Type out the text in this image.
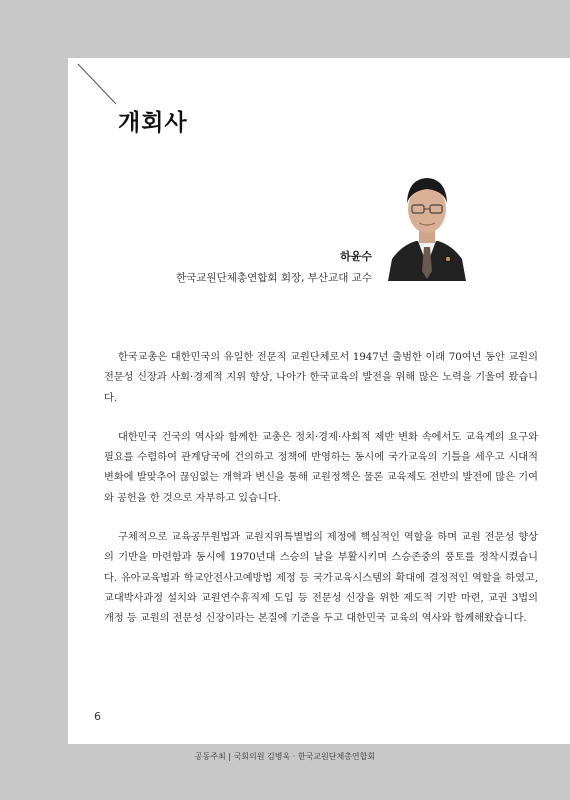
개회사
하윤수
한국교원단체총연합회 회장, 부산교대 교수

한국교총은 대한민국의 유일한 전문직 교원단체로서 1947년 출범한 이래 70여년 동안 교원의 전문성 신장과 사회·경제적 지위 향상, 나아가 한국교육의 발전을 위해 많은 노력을 기울여 왔습니다.

대한민국 건국의 역사와 함께한 교총은 정치·경제·사회적 제반 변화 속에서도 교육계의 요구와 필요를 수렴하여 관계당국에 건의하고 정책에 반영하는 동시에 국가교육의 기틀을 세우고 시대적 변화에 발맞추어 끊임없는 개혁과 변신을 통해 교원정책은 물론 교육제도 전반의 발전에 많은 기여와 공헌을 한 것으로 자부하고 있습니다.

구체적으로 교육공무원법과 교원지위특별법의 제정에 핵심적인 역할을 하며 교원 전문성 향상의 기반을 마련함과 동시에 1970년대 스승의 날을 부활시키며 스승존중의 풍토를 정착시켰습니다. 유아교육법과 학교안전사고예방법 제정 등 국가교육시스템의 확대에 결정적인 역할을 하였고, 교대박사과정 설치와 교원연수휴직제 도입 등 전문성 신장을 위한 제도적 기반 마련, 교권 3법의 개정 등 교원의 전문성 신장이라는 본질에 기준을 두고 대한민국 교육의 역사와 함께해왔습니다.

6
공동주최 | 국회의원 김병욱 · 한국교원단체총연합회
